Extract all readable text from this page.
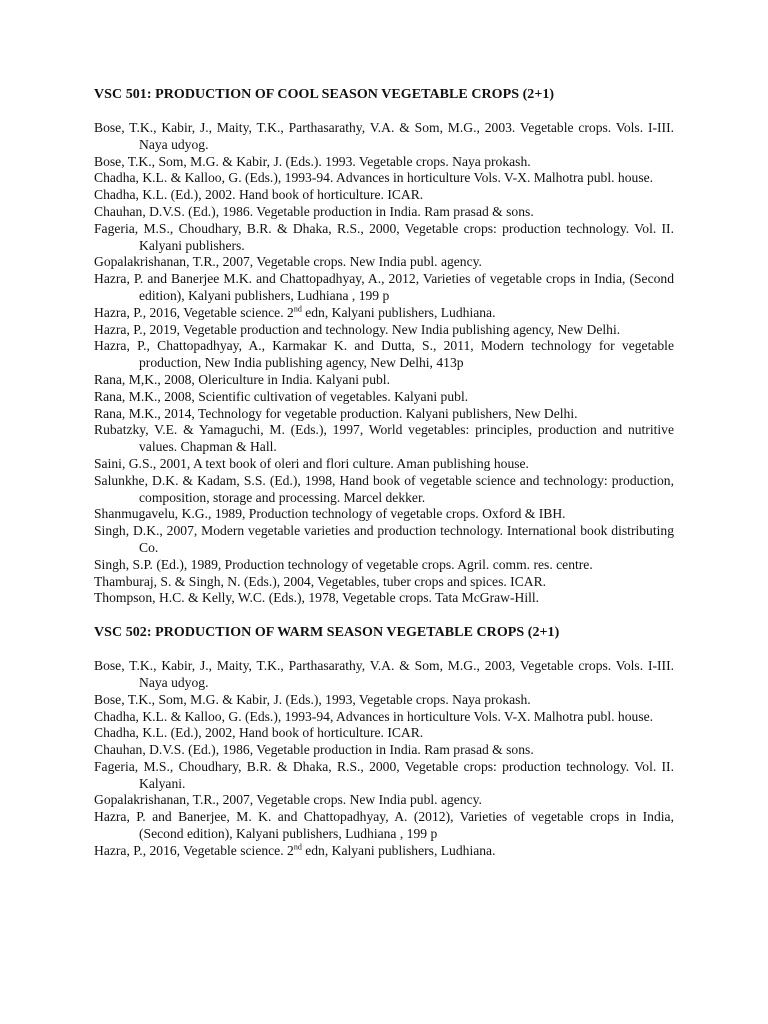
VSC 501: PRODUCTION OF COOL SEASON VEGETABLE CROPS (2+1)

Bose, T.K., Kabir, J., Maity, T.K., Parthasarathy, V.A. & Som, M.G., 2003. Vegetable crops. Vols. I-III. Naya udyog.

Bose, T.K., Som, M.G. & Kabir, J. (Eds.). 1993. Vegetable crops. Naya prokash.

Chadha, K.L. & Kalloo, G. (Eds.), 1993-94. Advances in horticulture Vols. V-X. Malhotra publ. house.

Chadha, K.L. (Ed.), 2002. Hand book of horticulture. ICAR.

Chauhan, D.V.S. (Ed.), 1986. Vegetable production in India. Ram prasad & sons.

Fageria, M.S., Choudhary, B.R. & Dhaka, R.S., 2000, Vegetable crops: production technology. Vol. II. Kalyani publishers.

Gopalakrishanan, T.R., 2007, Vegetable crops. New India publ. agency.

Hazra, P. and Banerjee M.K. and Chattopadhyay, A., 2012, Varieties of vegetable crops in India, (Second edition), Kalyani publishers, Ludhiana , 199 p

Hazra, P., 2016, Vegetable science. 2nd edn, Kalyani publishers, Ludhiana.

Hazra, P., 2019, Vegetable production and technology. New India publishing agency, New Delhi.

Hazra, P., Chattopadhyay, A., Karmakar K. and Dutta, S., 2011, Modern technology for vegetable production, New India publishing agency, New Delhi, 413p

Rana, M,K., 2008, Olericulture in India. Kalyani publ.

Rana, M.K., 2008, Scientific cultivation of vegetables. Kalyani publ.

Rana, M.K., 2014, Technology for vegetable production. Kalyani publishers, New Delhi.

Rubatzky, V.E. & Yamaguchi, M. (Eds.), 1997, World vegetables: principles, production and nutritive values. Chapman & Hall.

Saini, G.S., 2001, A text book of oleri and flori culture. Aman publishing house.

Salunkhe, D.K. & Kadam, S.S. (Ed.), 1998, Hand book of vegetable science and technology: production, composition, storage and processing. Marcel dekker.

Shanmugavelu, K.G., 1989, Production technology of vegetable crops. Oxford & IBH.

Singh, D.K., 2007, Modern vegetable varieties and production technology. International book distributing Co.

Singh, S.P. (Ed.), 1989, Production technology of vegetable crops. Agril. comm. res. centre.

Thamburaj, S. & Singh, N. (Eds.), 2004, Vegetables, tuber crops and spices. ICAR.

Thompson, H.C. & Kelly, W.C. (Eds.), 1978, Vegetable crops. Tata McGraw-Hill.

VSC 502: PRODUCTION OF WARM SEASON VEGETABLE CROPS (2+1)

Bose, T.K., Kabir, J., Maity, T.K., Parthasarathy, V.A. & Som, M.G., 2003, Vegetable crops. Vols. I-III. Naya udyog.

Bose, T.K., Som, M.G. & Kabir, J. (Eds.), 1993, Vegetable crops. Naya prokash.

Chadha, K.L. & Kalloo, G. (Eds.), 1993-94, Advances in horticulture Vols. V-X. Malhotra publ. house.

Chadha, K.L. (Ed.), 2002, Hand book of horticulture. ICAR.

Chauhan, D.V.S. (Ed.), 1986, Vegetable production in India. Ram prasad & sons.

Fageria, M.S., Choudhary, B.R. & Dhaka, R.S., 2000, Vegetable crops: production technology. Vol. II. Kalyani.

Gopalakrishanan, T.R., 2007, Vegetable crops. New India publ. agency.

Hazra, P. and Banerjee, M. K. and Chattopadhyay, A. (2012), Varieties of vegetable crops in India, (Second edition), Kalyani publishers, Ludhiana , 199 p

Hazra, P., 2016, Vegetable science. 2nd edn, Kalyani publishers, Ludhiana.
